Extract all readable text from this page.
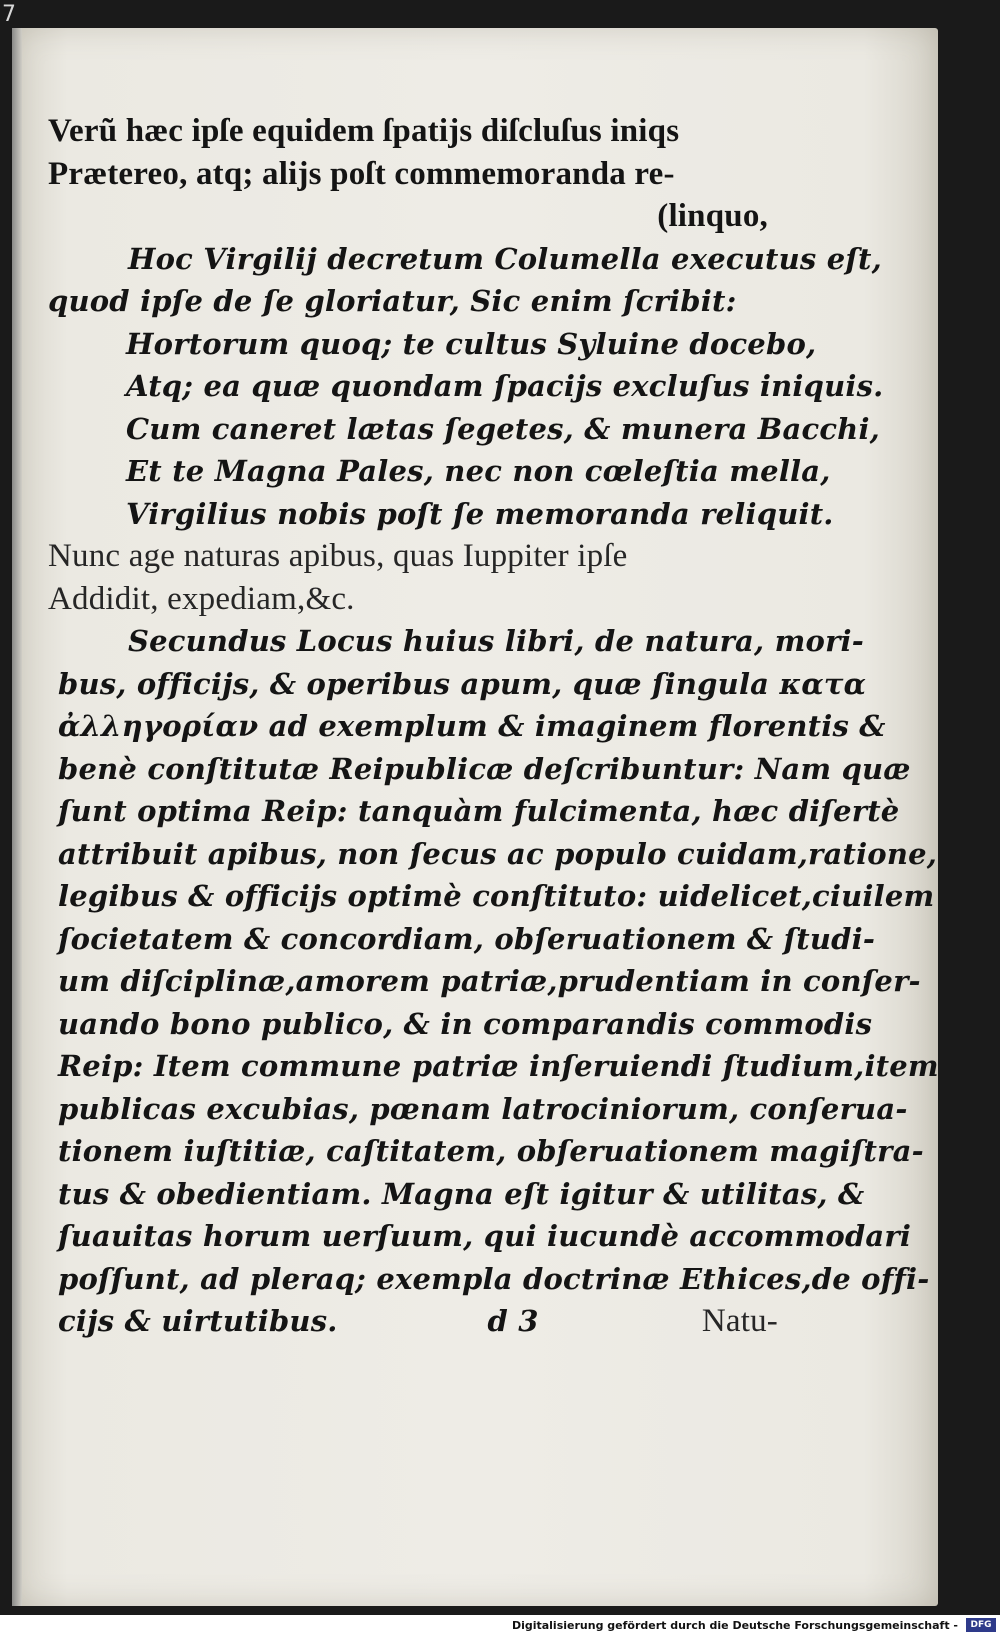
7
Verũ hæc ipſe equidem ſpatijs diſcluſus iniqs
Prætereo, atq; alijs poſt commemoranda re-
(linquo,
Hoc Virgilij decretum Columella executus eſt,
quod ipſe de ſe gloriatur, Sic enim ſcribit:
Hortorum quoq; te cultus Syluine docebo,
Atq; ea quæ quondam ſpacijs excluſus iniquis.
Cum caneret lætas ſegetes, & munera Bacchi,
Et te Magna Pales, nec non cœleſtia mella,
Virgilius nobis poſt ſe memoranda reliquit.
Nunc age naturas apibus, quas Iuppiter ipſe
Addidit, expediam,&c.
Secundus Locus huius libri, de natura, mori-
bus, officijs, & operibus apum, quæ ſingula κατα
ἀλληγορίαν ad exemplum & imaginem florentis &
benè conſtitutæ Reipublicæ deſcribuntur: Nam quæ
ſunt optima Reip: tanquàm fulcimenta, hæc diſertè
attribuit apibus, non ſecus ac populo cuidam,ratione,
legibus & officijs optimè conſtituto: uidelicet,ciuilem
ſocietatem & concordiam, obſeruationem & ſtudi-
um diſciplinæ,amorem patriæ,prudentiam in conſer-
uando bono publico, & in comparandis commodis
Reip: Item commune patriæ inſeruiendi ſtudium,item
publicas excubias, pœnam latrociniorum, conſerua-
tionem iuſtitiæ, caſtitatem, obſeruationem magiſtra-
tus & obedientiam. Magna eſt igitur & utilitas, &
ſuauitas horum uerſuum, qui iucundè accommodari
poſſunt, ad pleraq; exempla doctrinæ Ethices,de offi-
cijs & uirtutibus.	d 3	Natu-
Digitalisierung gefördert durch die Deutsche Forschungsgemeinschaft -	DFG
